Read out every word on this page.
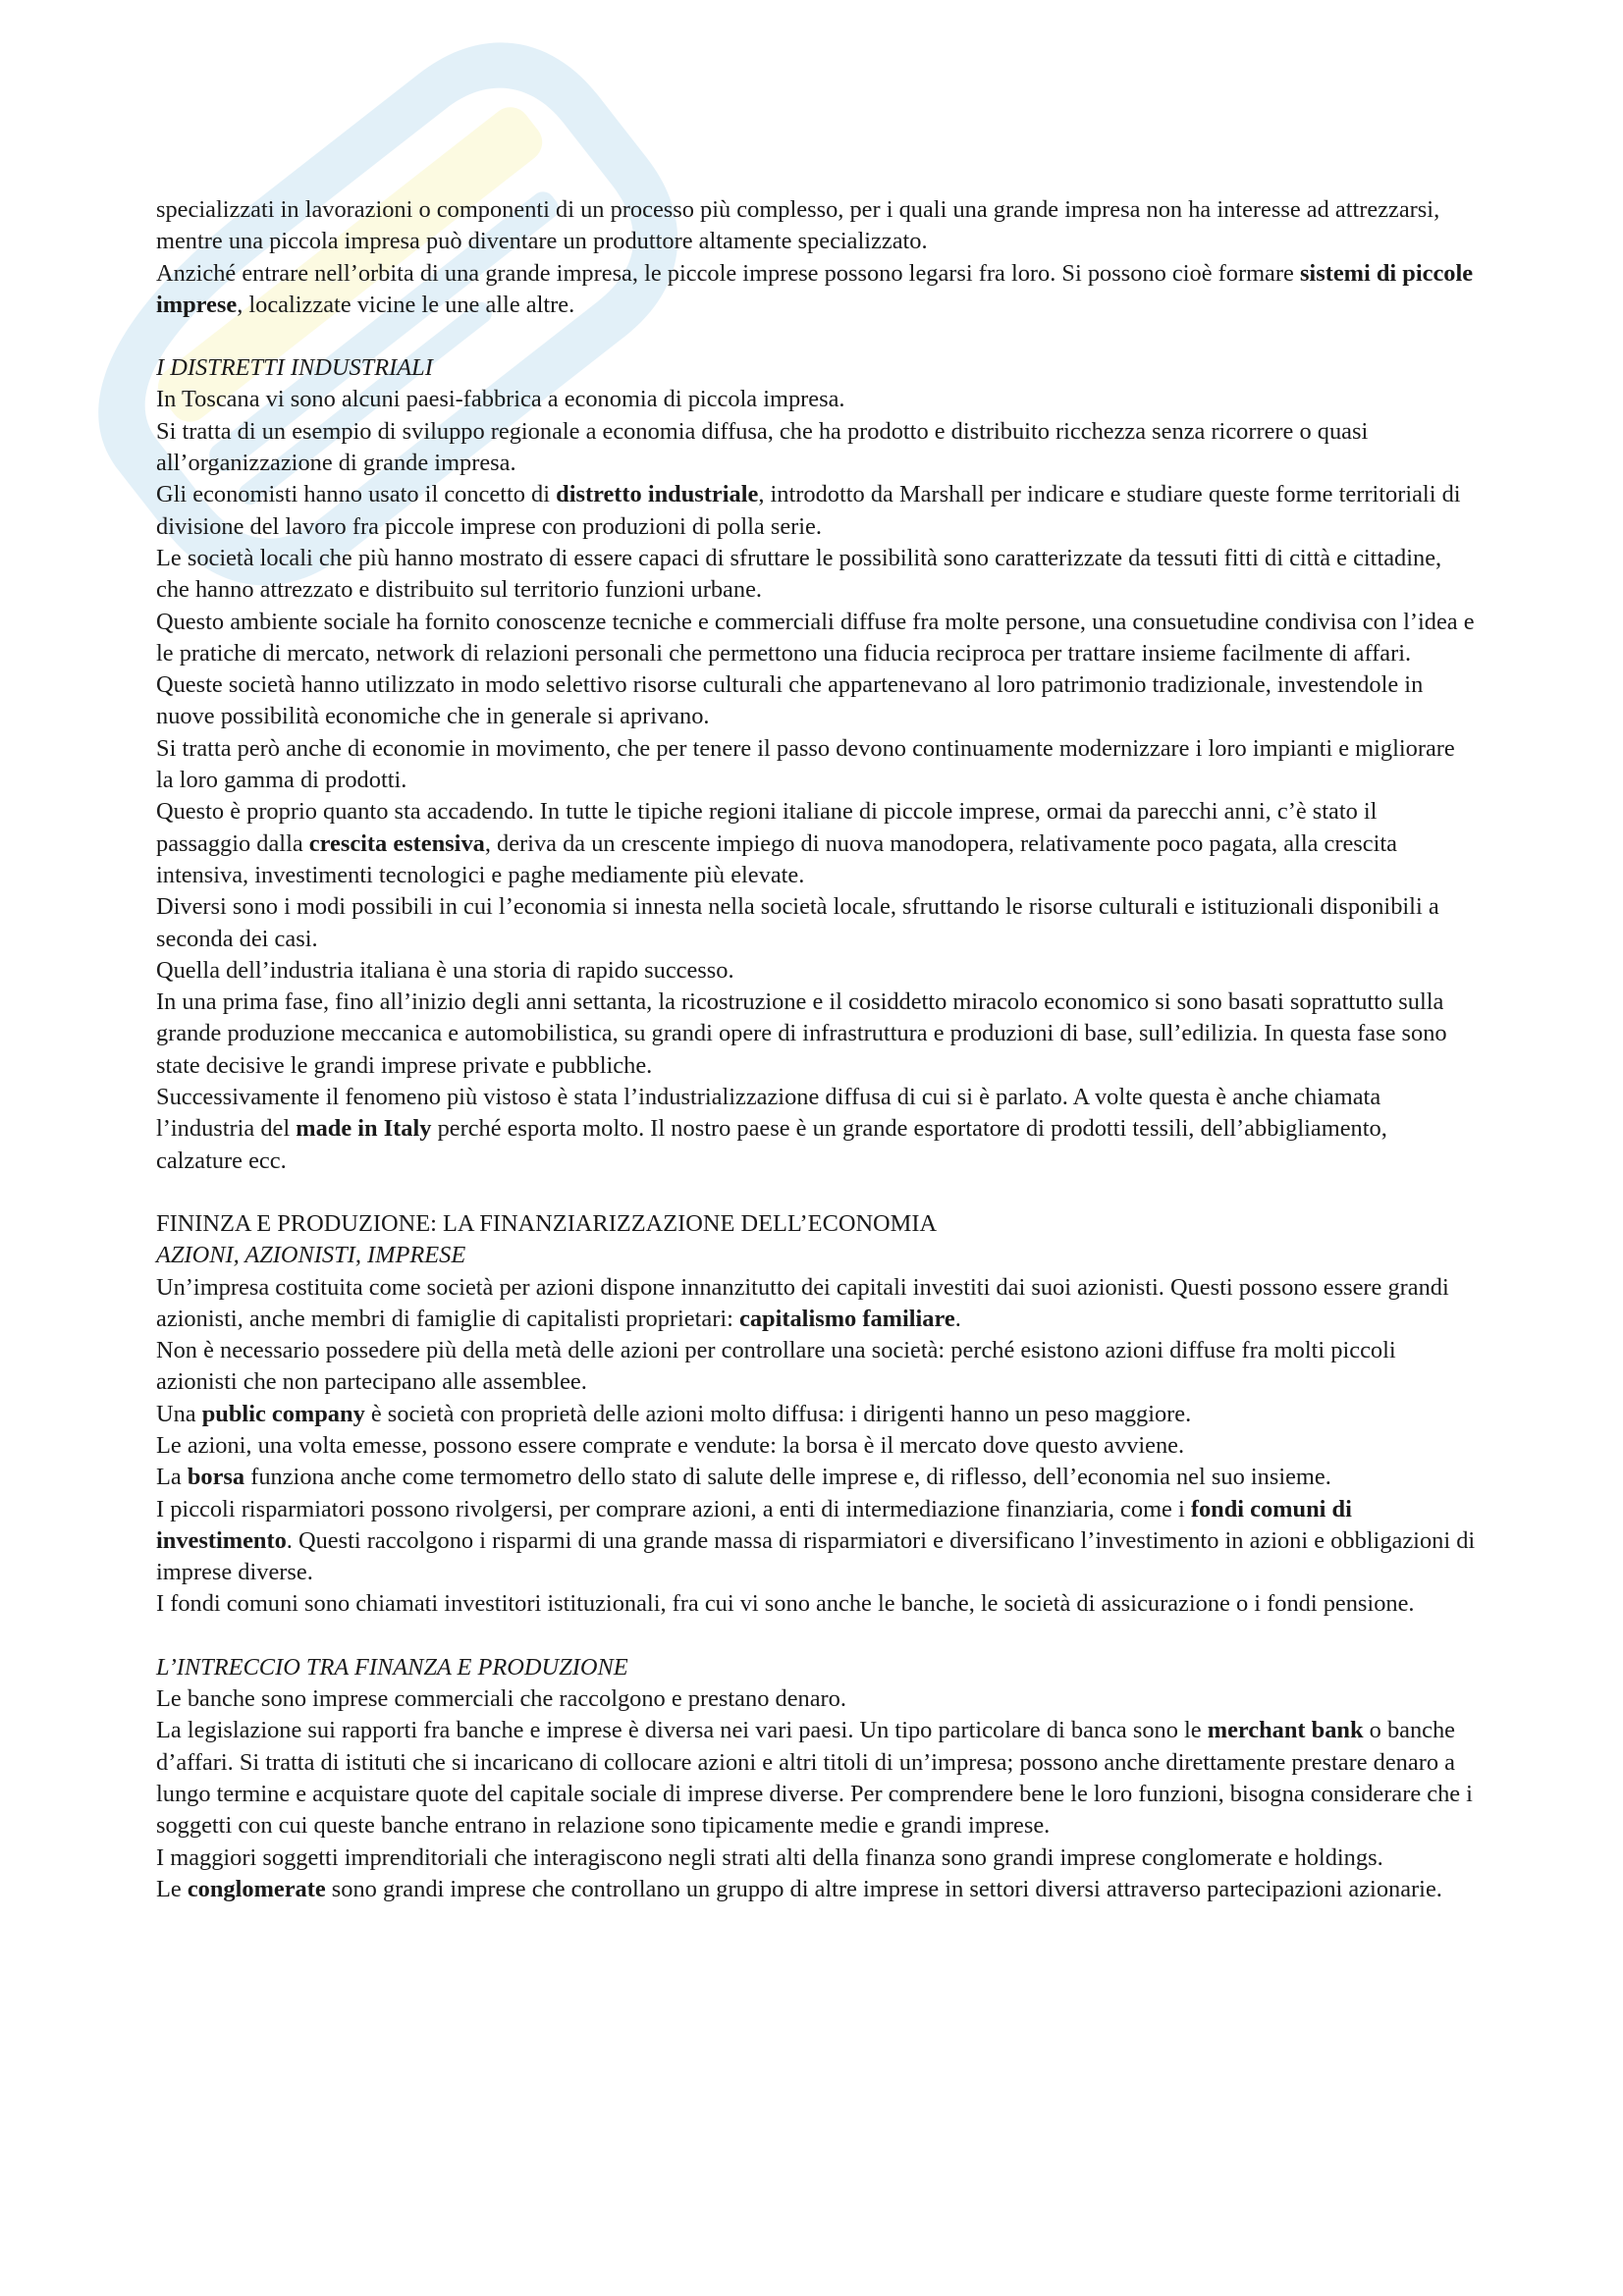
specializzati in lavorazioni o componenti di un processo più complesso, per i quali una grande impresa non ha interesse ad attrezzarsi, mentre una piccola impresa può diventare un produttore altamente specializzato.

Anziché entrare nell’orbita di una grande impresa, le piccole imprese possono legarsi fra loro. Si possono cioè formare sistemi di piccole imprese, localizzate vicine le une alle altre.

I DISTRETTI INDUSTRIALI

In Toscana vi sono alcuni paesi-fabbrica a economia di piccola impresa.

Si tratta di un esempio di sviluppo regionale a economia diffusa, che ha prodotto e distribuito ricchezza senza ricorrere o quasi all’organizzazione di grande impresa.

Gli economisti hanno usato il concetto di distretto industriale, introdotto da Marshall per indicare e studiare queste forme territoriali di divisione del lavoro fra piccole imprese con produzioni di polla serie.

Le società locali che più hanno mostrato di essere capaci di sfruttare le possibilità sono caratterizzate da tessuti fitti di città e cittadine, che hanno attrezzato e distribuito sul territorio funzioni urbane.

Questo ambiente sociale ha fornito conoscenze tecniche e commerciali diffuse fra molte persone, una consuetudine condivisa con l’idea e le pratiche di mercato, network di relazioni personali che permettono una fiducia reciproca per trattare insieme facilmente di affari.

Queste società hanno utilizzato in modo selettivo risorse culturali che appartenevano al loro patrimonio tradizionale, investendole in nuove possibilità economiche che in generale si aprivano.

Si tratta però anche di economie in movimento, che per tenere il passo devono continuamente modernizzare i loro impianti e migliorare la loro gamma di prodotti.

Questo è proprio quanto sta accadendo. In tutte le tipiche regioni italiane di piccole imprese, ormai da parecchi anni, c’è stato il passaggio dalla crescita estensiva, deriva da un crescente impiego di nuova manodopera, relativamente poco pagata, alla crescita intensiva, investimenti tecnologici e paghe mediamente più elevate.

Diversi sono i modi possibili in cui l’economia si innesta nella società locale, sfruttando le risorse culturali e istituzionali disponibili a seconda dei casi.

Quella dell’industria italiana è una storia di rapido successo.

In una prima fase, fino all’inizio degli anni settanta, la ricostruzione e il cosiddetto miracolo economico si sono basati soprattutto sulla grande produzione meccanica e automobilistica, su grandi opere di infrastruttura e produzioni di base, sull’edilizia. In questa fase sono state decisive le grandi imprese private e pubbliche.

Successivamente il fenomeno più vistoso è stata l’industrializzazione diffusa di cui si è parlato. A volte questa è anche chiamata l’industria del made in Italy perché esporta molto. Il nostro paese è un grande esportatore di prodotti tessili, dell’abbigliamento, calzature ecc.

FININZA E PRODUZIONE: LA FINANZIARIZZAZIONE DELL’ECONOMIA

AZIONI, AZIONISTI, IMPRESE

Un’impresa costituita come società per azioni dispone innanzitutto dei capitali investiti dai suoi azionisti. Questi possono essere grandi azionisti, anche membri di famiglie di capitalisti proprietari: capitalismo familiare.

Non è necessario possedere più della metà delle azioni per controllare una società: perché esistono azioni diffuse fra molti piccoli azionisti che non partecipano alle assemblee.

Una public company è società con proprietà delle azioni molto diffusa: i dirigenti hanno un peso maggiore.

Le azioni, una volta emesse, possono essere comprate e vendute: la borsa è il mercato dove questo avviene.

La borsa funziona anche come termometro dello stato di salute delle imprese e, di riflesso, dell’economia nel suo insieme.

I piccoli risparmiatori possono rivolgersi, per comprare azioni, a enti di intermediazione finanziaria, come i fondi comuni di investimento. Questi raccolgono i risparmi di una grande massa di risparmiatori e diversificano l’investimento in azioni e obbligazioni di imprese diverse.

I fondi comuni sono chiamati investitori istituzionali, fra cui vi sono anche le banche, le società di assicurazione o i fondi pensione.

L’INTRECCIO TRA FINANZA E PRODUZIONE

Le banche sono imprese commerciali che raccolgono e prestano denaro.

La legislazione sui rapporti fra banche e imprese è diversa nei vari paesi. Un tipo particolare di banca sono le merchant bank o banche d’affari. Si tratta di istituti che si incaricano di collocare azioni e altri titoli di un’impresa; possono anche direttamente prestare denaro a lungo termine e acquistare quote del capitale sociale di imprese diverse. Per comprendere bene le loro funzioni, bisogna considerare che i soggetti con cui queste banche entrano in relazione sono tipicamente medie e grandi imprese.

I maggiori soggetti imprenditoriali che interagiscono negli strati alti della finanza sono grandi imprese conglomerate e holdings.

Le conglomerate sono grandi imprese che controllano un gruppo di altre imprese in settori diversi attraverso partecipazioni azionarie.
